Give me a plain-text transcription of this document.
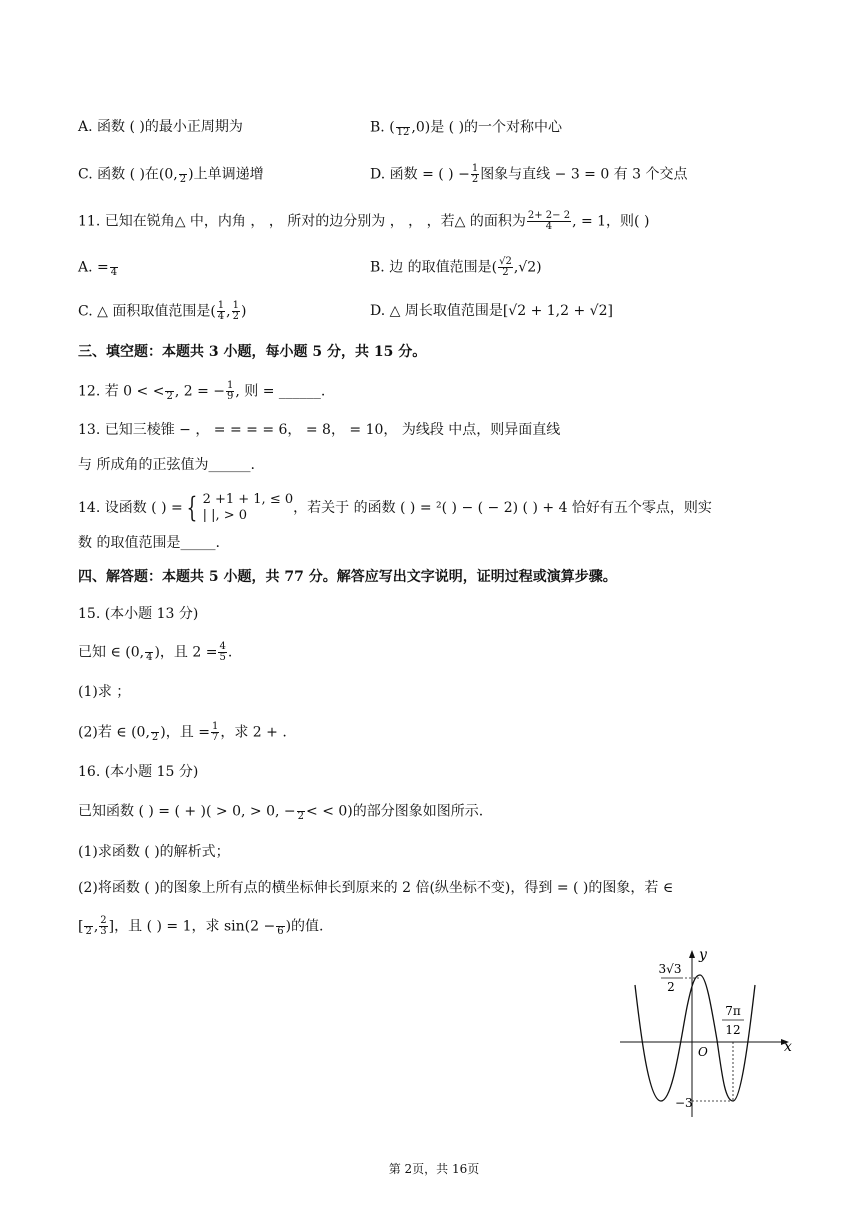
A. 函数 ( )的最小正周期为	B. (
12 ,0)是 ( )的一个对称中心
C. 函数 ( )在(0,
2 )上单调递增	D. 函数 = ( ) − $\frac{1}{2}$ 图象与直线 − 3 = 0 有 3 个交点
11. 已知在锐角△ 中，内角 ， ， 所对的边分别为 ， ， ，若△ 的面积为 $\frac{2+ 2- 2}{4}$ , = 1，则( )
A. =
4	B. 边 的取值范围是( $\frac{√2}{2} ,√2$)
C. △ 面积取值范围是( $\frac{1}{4}$ , $\frac{1}{2}$ )	D. △ 周长取值范围是[√2 + 1,2 + √2]
三、填空题：本题共 3 小题，每小题 5 分，共 15 分。
12. 若 0 < <
2 , 2 = − $\frac{1}{9}$ , 则 = ______.
13. 已知三棱锥 − ， = = = = 6， = 8， = 10， 为线段 中点，则异面直线
与 所成角的正弦值为______.
14. 设函数 ( ) = { 2 +1 + 1, ≤ 0
| |, > 0	，若关于 的函数 ( ) = ²( ) − ( − 2) ( ) + 4 恰好有五个零点，则实
数 的取值范围是_____.
四、解答题：本题共 5 小题，共 77 分。解答应写出文字说明，证明过程或演算步骤。
15. (本小题 13 分)
已知 ∈ (0,
4 )，且 $2 = \frac{4}{5}$ .
(1)求 ；
(2)若 ∈ (0,
2 )，且 = $\frac{1}{7}$ ，求 2 + .
16. (本小题 15 分)
已知函数 ( ) = ( + )( > 0, > 0, −
2 < < 0)的部分图象如图所示.
(1)求函数 ( )的解析式；
(2)将函数 ( )的图象上所有点的横坐标伸长到原来的 2 倍(纵坐标不变)，得到 = ( )的图象，若 ∈
[
2 , $\frac{2}{3}$ ]，且 ( ) = 1，求 sin(2 −
6 )的值.
y
x
O
3√3
2
−3
7π
12
第 2页，共 16页
